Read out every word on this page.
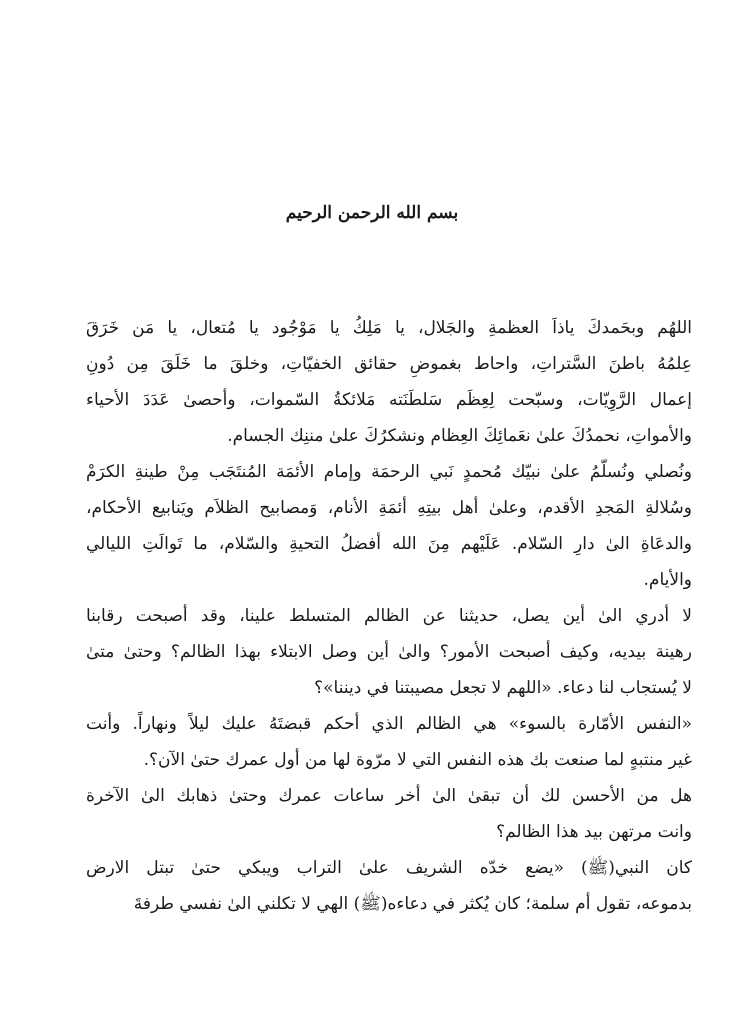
بسم الله الرحمن الرحيم
اللهُم وبحَمدكَ ياذاَ العظمةِ والجَلال، يا مَلِكُ يا مَوْجُود يا مُتعال، يا مَن خَرَقَ
عِلمُهُ باطنَ السَّتراتِ، واحاط بغموضِ حقائق الخفيّاتِ، وخلقَ ما خَلَقَ مِن دُونِ
إعمال الرَّوِيّات، وسبّحت لِعِظَم سَلطَنَته مَلائكةُ السّموات، وأحصىٰ عَدَدَ الأحياء
والأمواتِ، نحمدُكَ علىٰ نعَمائِكَ العِظام ونشكرُكَ علىٰ مننِك الجسام.
ونُصلي ونُسلّمُ علىٰ نبيّك مُحمدٍ نَبي الرحمَة وإمام الأئمَة المُنتَجَب مِنْ طينةِ الكرَمْ
وسُلالةِ المَجدِ الأقدم، وعلىٰ أهل بيتِهِ أئمَةِ الأنام، وَمصابيح الظلاَم ويَنابيع الأحكام،
والدعَاةِ الىٰ دارِ السّلام. عَلَيْهم مِنَ الله أفضلُ التحيةِ والسّلام، ما تَوالَتِ الليالي
والأيام.
لا أدري الىٰ أين يصل، حديثنا عن الظالم المتسلط علينا، وقد أصبحت رقابنا
رهينة بيديه، وكيف أصبحت الأمور؟ والىٰ أين وصل الابتلاء بهذا الظالم؟ وحتىٰ متىٰ
لا يُستجاب لنا دعاء. «اللهم لا تجعل مصيبتنا في ديننا»؟
«النفس الأمّارة بالسوء» هي الظالم الذي أحكم قبضتَهُ عليك ليلاً ونهاراً. وأنت
غير منتبهٍ لما صنعت بك هذه النفس التي لا مرّوة لها من أول عمرك حتىٰ الآن؟.
هل من الأحسن لك أن تبقىٰ الىٰ أخر ساعات عمرك وحتىٰ ذهابك الىٰ الآخرة
وانت مرتهن بيد هذا الظالم؟
كان النبي(ﷺ) «يضع خدّه الشريف علىٰ التراب ويبكي حتىٰ تبتل الارض
بدموعه، تقول أم سلمة؛ كان يُكثر في دعاءه(ﷺ) الهي لا تكلني الىٰ نفسي طرفةَ
